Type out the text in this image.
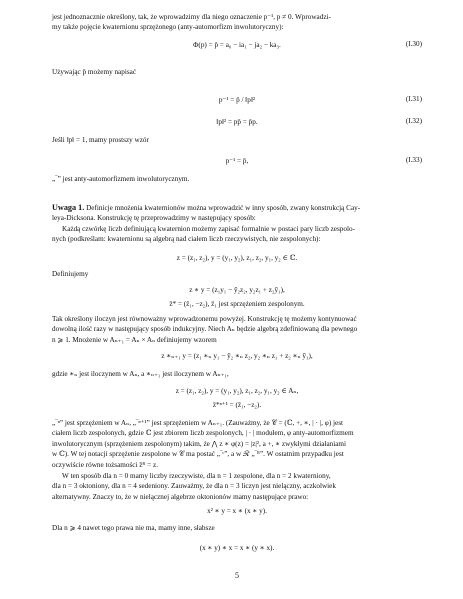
jest jednoznacznie określony, tak, że wprowadzimy dla niego oznaczenie p⁻¹, p ≠ 0. Wprowadzi-
my także pojęcie kwaternionu sprzężonego (anty-automorfizm inwolutoryczny):
Φ(p) = p̄ = a₀ − ia₁ − ja₂ − ka₃.	(I.30)
Używając p̄ możemy napisać
p⁻¹ = p̄ / ‖p‖²	(I.31)
‖p‖² = pp̄ = p̄p.	(I.32)
Jeśli ‖p‖ = 1, mamy prostszy wzór
p⁻¹ = p̄,	(I.33)
„‾” jest anty-automorfizmem inwolutorycznym.
Uwaga 1. Definicje mnożenia kwaternionów można wprowadzić w inny sposób, zwany konstrukcją Cay-
leya-Dicksona. Konstrukcję tę przeprowadzimy w następujący sposób:
Każdą czwórkę liczb definiującą kwaternion możemy zapisać formalnie w postaci pary liczb zespolo-
nych (podkreślam: kwaternionu są algebrą nad ciałem liczb rzeczywistych, nie zespolonych):
z = (z₁, z₂), y = (y₁, y₂), z₁, z₂, y₁, y₂ ∈ ℂ.
Definiujemy
z ∗ y = (z₁y₁ − ȳ₂z₂, y₂z₁ + z₂ȳ₁),
z̄* = (z̄₁, −z₂), z̄₁ jest sprzężeniem zespolonym.
Tak określony iloczyn jest równoważny wprowadzonemu powyżej. Konstrukcję tę możemy kontynuować
dowolną ilość razy w następujący sposób indukcyjny. Niech Aₙ będzie algebrą zdefiniowaną dla pewnego
n ⩾ 1. Mnożenie w Aₙ₊₁ = Aₙ × Aₙ definiujemy wzorem
z ∗ₙ₊₁ y = (z₁ ∗ₙ y₁ − ȳ₂ ∗ₙ z₂, y₂ ∗ₙ z₁ + z₂ ∗ₙ ȳ₁),
gdzie ∗ₙ jest iloczynem w Aₙ, a ∗ₙ₊₁ jest iloczynem w Aₙ₊₁,
z = (z₁, z₂), y = (y₁, y₂), z₁, z₂, y₁, y₂ ∈ Aₙ,
z̄*ⁿ⁺¹ = (z̄₁, −z₂).
„‾ⁿ” jest sprzężeniem w Aₙ, „‾ⁿ⁺¹” jest sprzężeniem w Aₙ₊₁. (Zauważmy, że 𝒞 = (ℂ, +, ∗, | · |, φ) jest
ciałem liczb zespolonych, gdzie ℂ jest zbiorem liczb zespolonych, | · | modułem, φ anty-automorfizmem
inwolutorycznym (sprzężeniem zespolonym) takim, że ⋀ z ∗ φ(z) = |z|², a +, ∗ zwykłymi działaniami
w ℂ). W tej notacji sprzężenie zespolone w 𝒞 ma postać „‾ᶜ”, a w ℛ „‾ᴿ”. W ostatnim przypadku jest
oczywiście równe tożsamości z̄ᴿ = z.
W ten sposób dla n = 0 mamy liczby rzeczywiste, dla n = 1 zespolone, dla n = 2 kwaterniony,
dla n = 3 oktoniony, dla n = 4 sedeniony. Zauważmy, że dla n = 3 liczyn jest nielączny, aczkolwiek
alternatywny. Znaczy to, że w nielącznej algebrze oktonionów mamy następujące prawo:
x² ∗ y = x ∗ (x ∗ y).
Dla n ⩾ 4 nawet tego prawa nie ma, mamy inne, słabsze
(x ∗ y) ∗ x = x ∗ (y ∗ x).
5
